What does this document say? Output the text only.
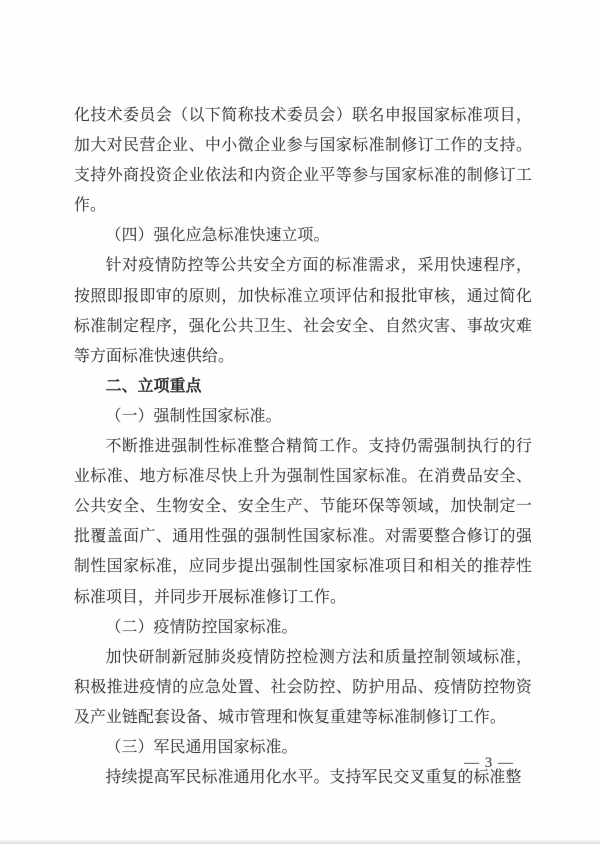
化技术委员会（以下简称技术委员会）联名申报国家标准项目，加大对民营企业、中小微企业参与国家标准制修订工作的支持。支持外商投资企业依法和内资企业平等参与国家标准的制修订工作。

（四）强化应急标准快速立项。

针对疫情防控等公共安全方面的标准需求，采用快速程序，按照即报即审的原则，加快标准立项评估和报批审核，通过简化标准制定程序，强化公共卫生、社会安全、自然灾害、事故灾难等方面标准快速供给。

二、立项重点

（一）强制性国家标准。

不断推进强制性标准整合精简工作。支持仍需强制执行的行业标准、地方标准尽快上升为强制性国家标准。在消费品安全、公共安全、生物安全、安全生产、节能环保等领域，加快制定一批覆盖面广、通用性强的强制性国家标准。对需要整合修订的强制性国家标准，应同步提出强制性国家标准项目和相关的推荐性标准项目，并同步开展标准修订工作。

（二）疫情防控国家标准。

加快研制新冠肺炎疫情防控检测方法和质量控制领域标准，积极推进疫情的应急处置、社会防控、防护用品、疫情防控物资及产业链配套设备、城市管理和恢复重建等标准制修订工作。

（三）军民通用国家标准。

持续提高军民标准通用化水平。支持军民交叉重复的标准整

— 3 —
